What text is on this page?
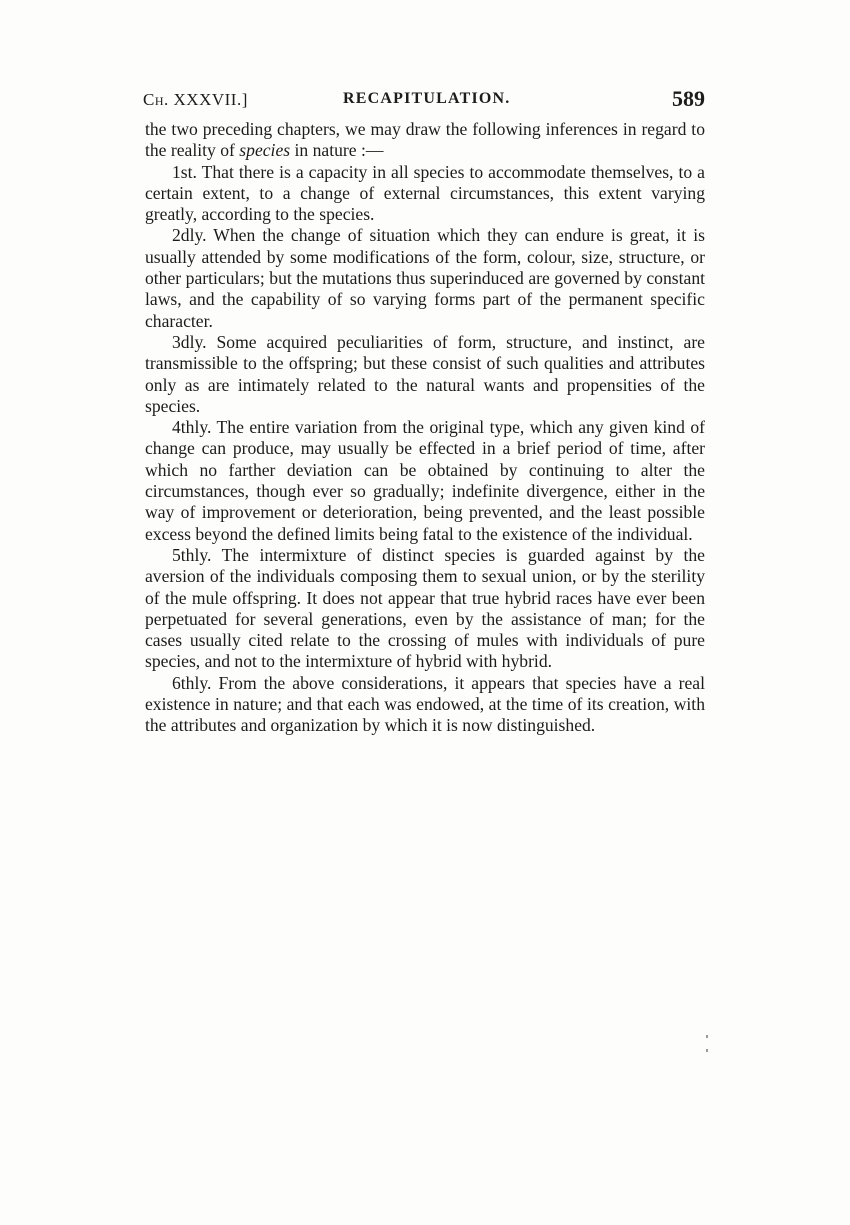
Ch. XXXVII.]	RECAPITULATION.	589

the two preceding chapters, we may draw the following inferences in regard to the reality of species in nature :—

1st. That there is a capacity in all species to accommodate themselves, to a certain extent, to a change of external circumstances, this extent varying greatly, according to the species.

2dly. When the change of situation which they can endure is great, it is usually attended by some modifications of the form, colour, size, structure, or other particulars; but the mutations thus superinduced are governed by constant laws, and the capability of so varying forms part of the permanent specific character.

3dly. Some acquired peculiarities of form, structure, and instinct, are transmissible to the offspring; but these consist of such qualities and attributes only as are intimately related to the natural wants and propensities of the species.

4thly. The entire variation from the original type, which any given kind of change can produce, may usually be effected in a brief period of time, after which no farther deviation can be obtained by continuing to alter the circumstances, though ever so gradually; indefinite divergence, either in the way of improvement or deterioration, being prevented, and the least possible excess beyond the defined limits being fatal to the existence of the individual.

5thly. The intermixture of distinct species is guarded against by the aversion of the individuals composing them to sexual union, or by the sterility of the mule offspring. It does not appear that true hybrid races have ever been perpetuated for several generations, even by the assistance of man; for the cases usually cited relate to the crossing of mules with individuals of pure species, and not to the intermixture of hybrid with hybrid.

6thly. From the above considerations, it appears that species have a real existence in nature; and that each was endowed, at the time of its creation, with the attributes and organization by which it is now distinguished.
